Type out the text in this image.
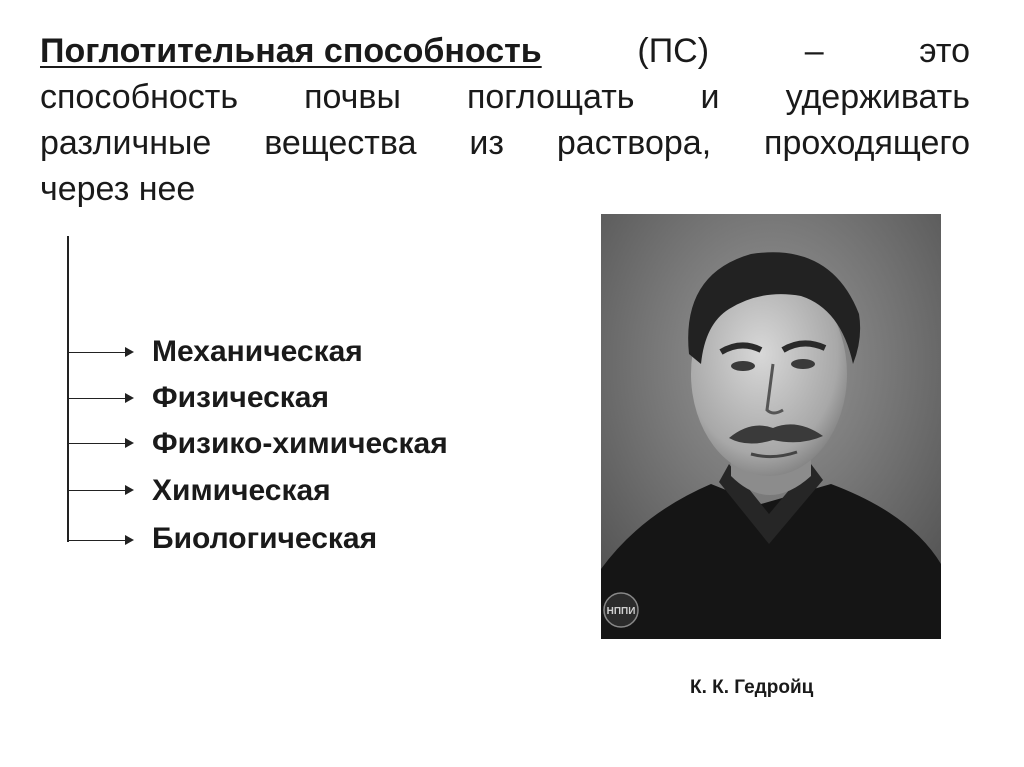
Поглотительная способность	(ПС)	–	это
способность почвы поглощать и удерживать
различные вещества из раствора, проходящего
через нее
Механическая
Физическая
Физико-химическая
Химическая
Биологическая
НППИ
К. К. Гедройц
